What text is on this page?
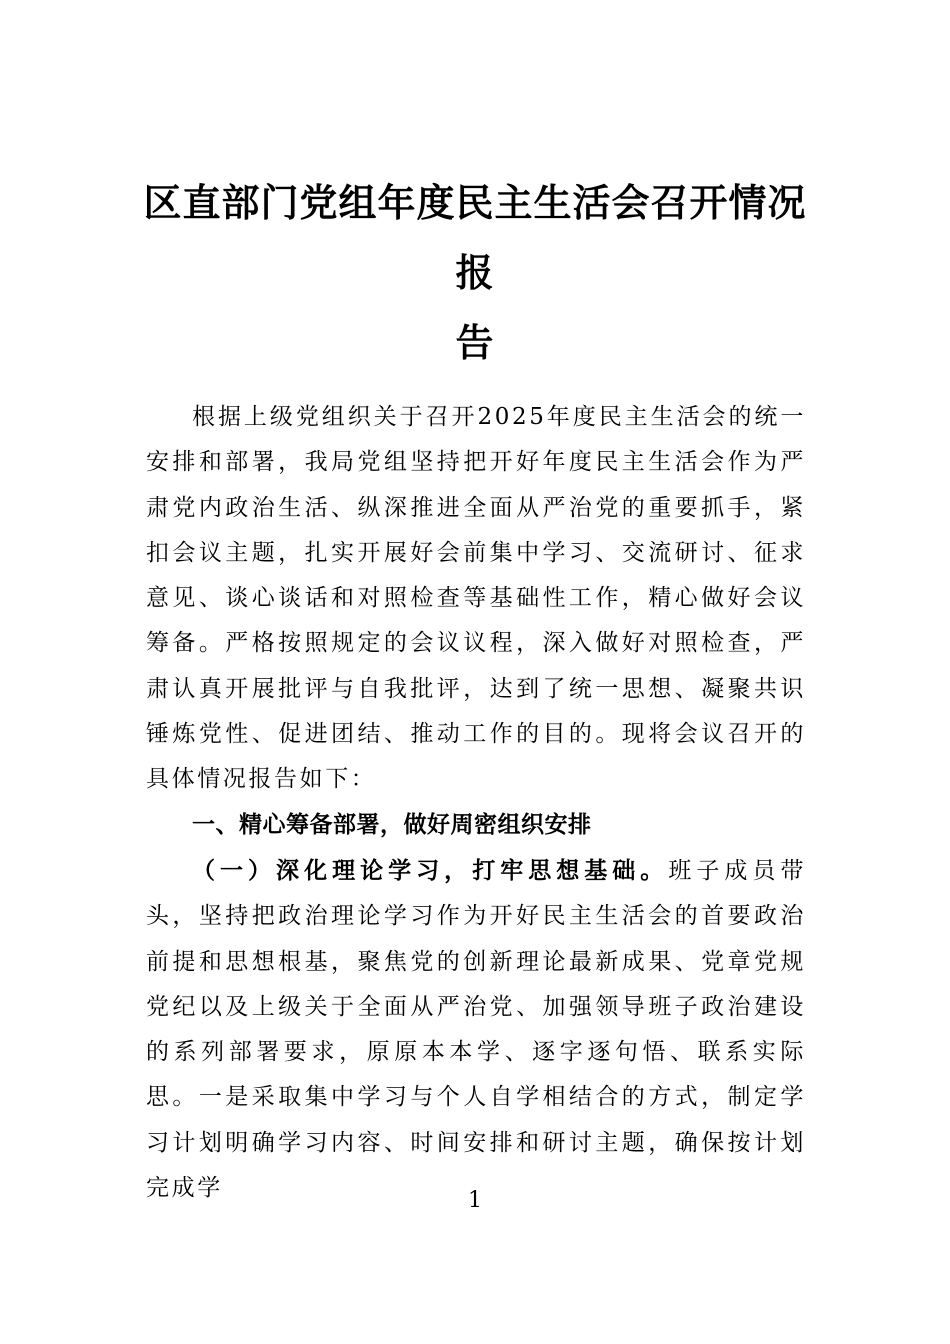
区直部门党组年度民主生活会召开情况报
告

根据上级党组织关于召开2025年度民主生活会的统一安排和部署，我局党组坚持把开好年度民主生活会作为严肃党内政治生活、纵深推进全面从严治党的重要抓手，紧扣会议主题，扎实开展好会前集中学习、交流研讨、征求意见、谈心谈话和对照检查等基础性工作，精心做好会议筹备。严格按照规定的会议议程，深入做好对照检查，严肃认真开展批评与自我批评，达到了统一思想、凝聚共识锤炼党性、促进团结、推动工作的目的。现将会议召开的具体情况报告如下：

一、精心筹备部署，做好周密组织安排

（一）深化理论学习，打牢思想基础。班子成员带头，坚持把政治理论学习作为开好民主生活会的首要政治前提和思想根基，聚焦党的创新理论最新成果、党章党规党纪以及上级关于全面从严治党、加强领导班子政治建设的系列部署要求，原原本本学、逐字逐句悟、联系实际思。一是采取集中学习与个人自学相结合的方式，制定学习计划明确学习内容、时间安排和研讨主题，确保按计划完成学	1
